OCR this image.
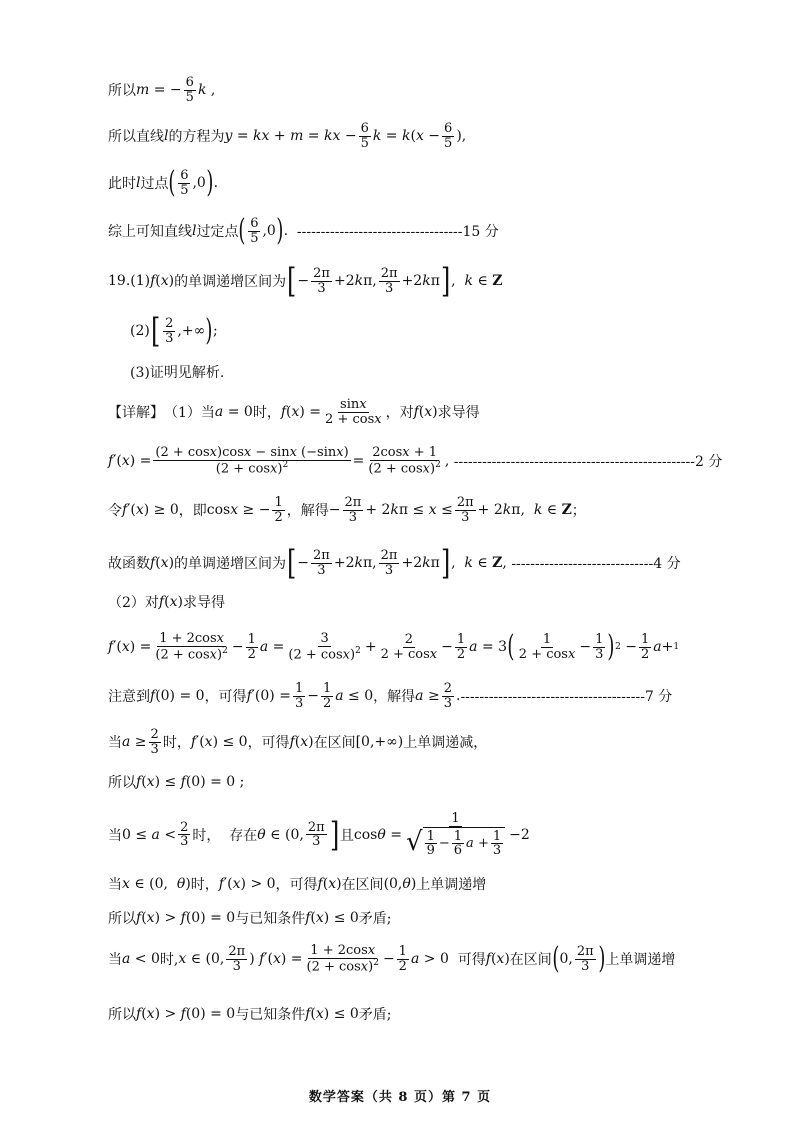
所以 m = − $\frac{6}{5}$ k ,
所以直线 l 的方程为 y = kx + m = kx − $\frac{6}{5}$ k = k ( $x - \frac{6}{5}$ ),
此时 l 过点 ( $\frac{6}{5} ,0$ ) .
综上可知直线 l 过定点 ( $\frac{6}{5} ,0$ ) . -----------------------------------15 分
19.(1) f ( x ) 的单调递增区间为 [ − $\frac{2\pi}{3} +2$ k π, $\frac{2\pi}{3} +2$ k π ] , k ∈ Z
(2) [ $\frac{2}{3}$ ,+∞ ) ;
(3)证明见解析.
【详解】 （1）当 a = 0 时， f ( x ) = $\frac{\sin x}{2 + \cos x}$ ，对 f ( x ) 求导得
f ′( x ) = $\frac{(2 + \cos x)\cos x - \sin x (-\sin x)}{(2 + \cos x)^2} = \frac{2\cos x + 1}{(2 + \cos x)^2}$ , ---------------------------------------------------2 分
令 f ′( x ) ≥ 0 ，即 cos x ≥ − $\frac{1}{2}$ ，解得 − $\frac{2\pi}{3} + 2$ k $\pi \le x \le \frac{2\pi}{3} + 2$ k π, k ∈ Z ；
故函数 f ( x ) 的单调递增区间为 [ − $\frac{2\pi}{3} +2$ k π, $\frac{2\pi}{3} +2$ k π ] , k ∈ Z , ------------------------------4 分
（2）对 f ( x ) 求导得
f ′( x ) = $\frac{1 + 2\cos x}{(2 + \cos x)^2} - \frac{1}{2}$ $a = \frac{3}{(2 + \cos x)^2} + \frac{2}{2 + \cos x} - \frac{1}{2}$ a = 3 ( $\frac{1}{2 + \cos x} - \frac{1}{3}$ ) $2 - \frac{1}{2}$ a + 1
注意到 f (0) = 0 ，可得 f $'(0) = \frac{1}{3} - \frac{1}{2}$ a ≤ 0 ，解得 $a \ge \frac{2}{3}$ . ---------------------------------------7 分
当 $a \ge \frac{2}{3}$ 时， f ′( x ) ≤ 0 ，可得 f ( x ) 在区间 [0,+∞) 上单调递减，
所以 f ( x ) ≤ f (0) = 0 ;
当 $0 \le a < \frac{2}{3}$ 时，
存在 θ ∈ (0, $\frac{2\pi}{3}$ ] 且 $\cos \theta = \frac{1}{√ \frac{1}{9} - \frac{1}{6} a + \frac{1}{3}} -2$
当 x ∈ (0, θ ) 时， f ′( x ) > 0 ，可得 f ( x ) 在区间 (0, θ ) 上单调递增
所以 f ( x ) > f (0) = 0 与已知条件 f ( x ) ≤ 0 矛盾;
当 a < 0 时, x ∈ (0, $\frac{2\pi}{3}$ ) f ′( x ) = $\frac{1 + 2\cos x}{(2 + \cos x)^2} - \frac{1}{2}$ a > 0 可得 f ( x ) 在区间 ( 0, $\frac{2\pi}{3}$ ) 上单调递增
所以 f ( x ) > f (0) = 0 与已知条件 f ( x ) ≤ 0 矛盾;
数学答案（共 8 页）第 7 页
